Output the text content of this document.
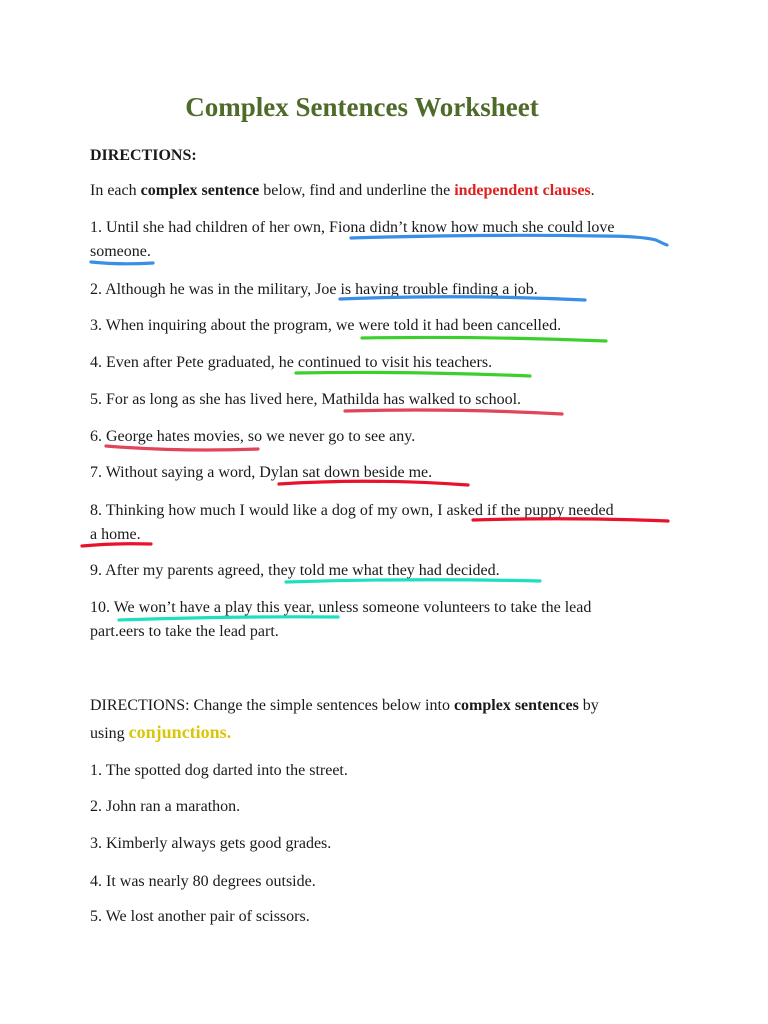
Complex Sentences Worksheet
DIRECTIONS:
In each complex sentence below, find and underline the independent clauses.
1. Until she had children of her own, Fiona didn’t know how much she could love
someone.
2. Although he was in the military, Joe is having trouble finding a job.
3. When inquiring about the program, we were told it had been cancelled.
4. Even after Pete graduated, he continued to visit his teachers.
5. For as long as she has lived here, Mathilda has walked to school.
6. George hates movies, so we never go to see any.
7. Without saying a word, Dylan sat down beside me.
8. Thinking how much I would like a dog of my own, I asked if the puppy needed
a home.
9. After my parents agreed, they told me what they had decided.
10. We won’t have a play this year, unless someone volunteers to take the lead
part.eers to take the lead part.
DIRECTIONS: Change the simple sentences below into complex sentences by
using conjunctions.
1. The spotted dog darted into the street.
2. John ran a marathon.
3. Kimberly always gets good grades.
4. It was nearly 80 degrees outside.
5. We lost another pair of scissors.
